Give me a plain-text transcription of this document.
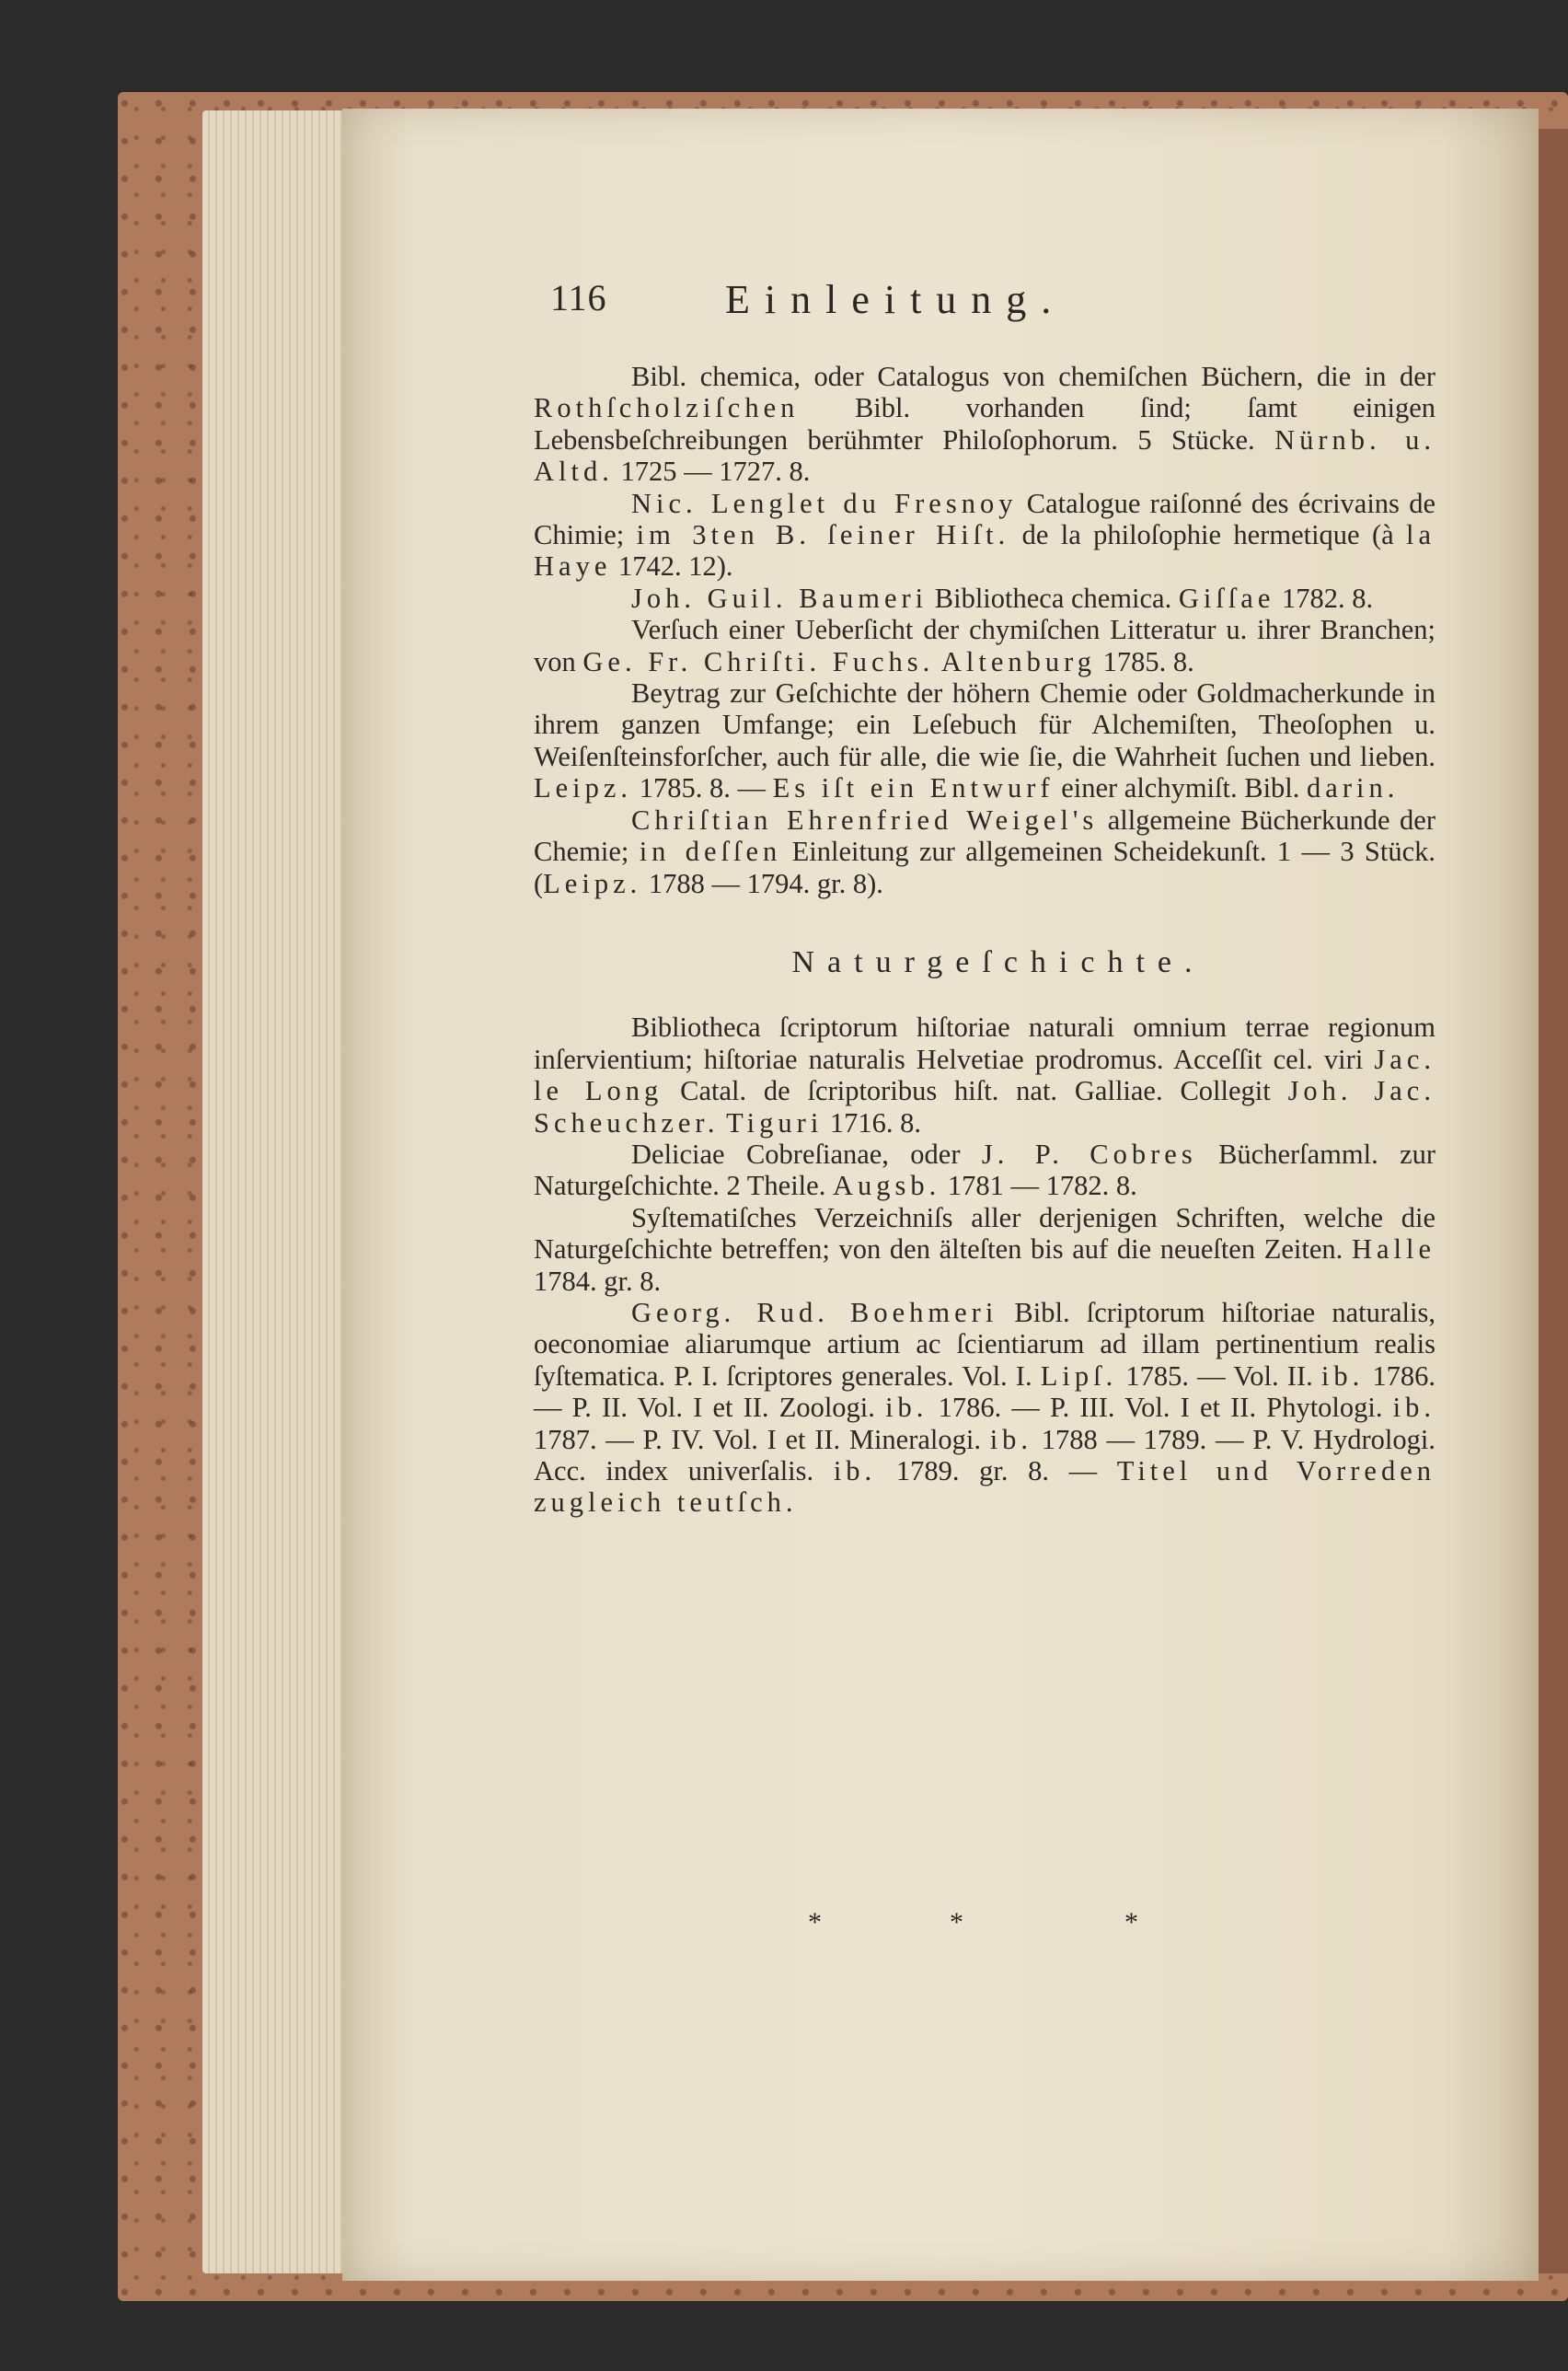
116	Einleitung.

Bibl. chemica, oder Catalogus von chemiſchen Büchern, die in der Rothſcholziſchen Bibl. vorhanden ſind; ſamt einigen Lebensbeſchreibungen berühmter Philoſophorum. 5 Stücke. Nürnb. u. Altd. 1725 — 1727. 8.

Nic. Lenglet du Fresnoy Catalogue raiſonné des écrivains de Chimie; im 3ten B. ſeiner Hiſt. de la philoſophie hermetique (à la Haye 1742. 12).

Joh. Guil. Baumeri Bibliotheca chemica. Giſſae 1782. 8.

Verſuch einer Ueberſicht der chymiſchen Litteratur u. ihrer Branchen; von Ge. Fr. Chriſti. Fuchs. Altenburg 1785. 8.

Beytrag zur Geſchichte der höhern Chemie oder Goldmacherkunde in ihrem ganzen Umfange; ein Leſebuch für Alchemiſten, Theoſophen u. Weiſenſteinsforſcher, auch für alle, die wie ſie, die Wahrheit ſuchen und lieben. Leipz. 1785. 8. — Es iſt ein Entwurf einer alchymiſt. Bibl. darin.

Chriſtian Ehrenfried Weigel's allgemeine Bücherkunde der Chemie; in deſſen Einleitung zur allgemeinen Scheidekunſt. 1 — 3 Stück. (Leipz. 1788 — 1794. gr. 8).

Naturgeſchichte.

Bibliotheca ſcriptorum hiſtoriae naturali omnium terrae regionum inſervientium; hiſtoriae naturalis Helvetiae prodromus. Acceſſit cel. viri Jac. le Long Catal. de ſcriptoribus hiſt. nat. Galliae. Collegit Joh. Jac. Scheuchzer. Tiguri 1716. 8.

Deliciae Cobreſianae, oder J. P. Cobres Bücherſamml. zur Naturgeſchichte. 2 Theile. Augsb. 1781 — 1782. 8.

Syſtematiſches Verzeichniſs aller derjenigen Schriften, welche die Naturgeſchichte betreffen; von den älteſten bis auf die neueſten Zeiten. Halle 1784. gr. 8.

Georg. Rud. Boehmeri Bibl. ſcriptorum hiſtoriae naturalis, oeconomiae aliarumque artium ac ſcientiarum ad illam pertinentium realis ſyſtematica. P. I. ſcriptores generales. Vol. I. Lipſ. 1785. — Vol. II. ib. 1786. — P. II. Vol. I et II. Zoologi. ib. 1786. — P. III. Vol. I et II. Phytologi. ib. 1787. — P. IV. Vol. I et II. Mineralogi. ib. 1788 — 1789. — P. V. Hydrologi. Acc. index univerſalis. ib. 1789. gr. 8. — Titel und Vorreden zugleich teutſch.

*	*	*
